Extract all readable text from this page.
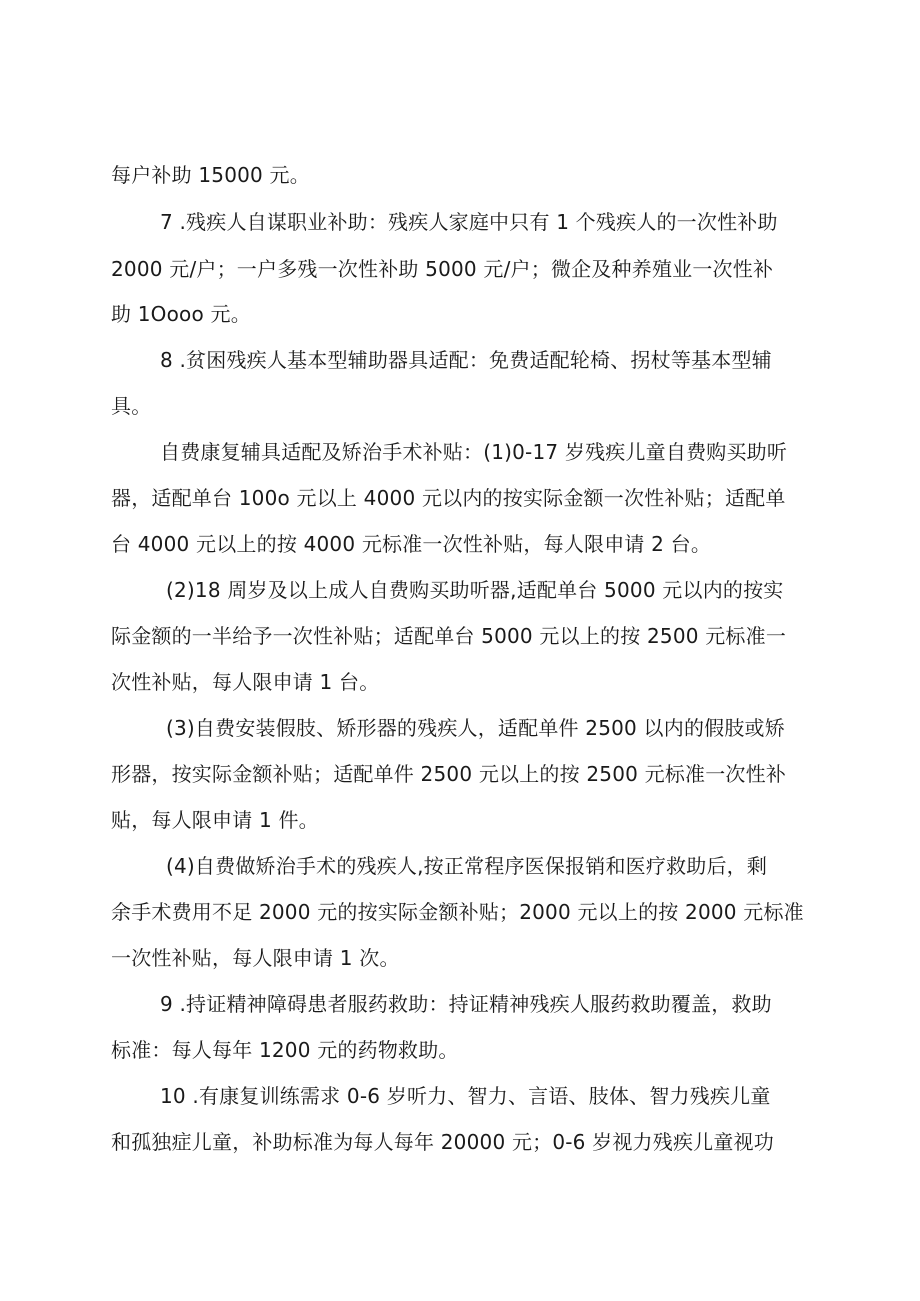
每户补助 15000 元。
7 .残疾人自谋职业补助：残疾人家庭中只有 1 个残疾人的一次性补助
2000 元/户；一户多残一次性补助 5000 元/户；微企及种养殖业一次性补
助 1Oooo 元。
8 .贫困残疾人基本型辅助器具适配：免费适配轮椅、拐杖等基本型辅
具。
自费康复辅具适配及矫治手术补贴：(1)0-17 岁残疾儿童自费购买助听
器，适配单台 100o 元以上 4000 元以内的按实际金额一次性补贴；适配单
台 4000 元以上的按 4000 元标准一次性补贴，每人限申请 2 台。
(2)18 周岁及以上成人自费购买助听器,适配单台 5000 元以内的按实
际金额的一半给予一次性补贴；适配单台 5000 元以上的按 2500 元标准一
次性补贴，每人限申请 1 台。
(3)自费安装假肢、矫形器的残疾人，适配单件 2500 以内的假肢或矫
形器，按实际金额补贴；适配单件 2500 元以上的按 2500 元标准一次性补
贴，每人限申请 1 件。
(4)自费做矫治手术的残疾人,按正常程序医保报销和医疗救助后，剩
余手术费用不足 2000 元的按实际金额补贴；2000 元以上的按 2000 元标准
一次性补贴，每人限申请 1 次。
9 .持证精神障碍患者服药救助：持证精神残疾人服药救助覆盖，救助
标准：每人每年 1200 元的药物救助。
10 .有康复训练需求 0-6 岁听力、智力、言语、肢体、智力残疾儿童
和孤独症儿童，补助标准为每人每年 20000 元；0-6 岁视力残疾儿童视功
